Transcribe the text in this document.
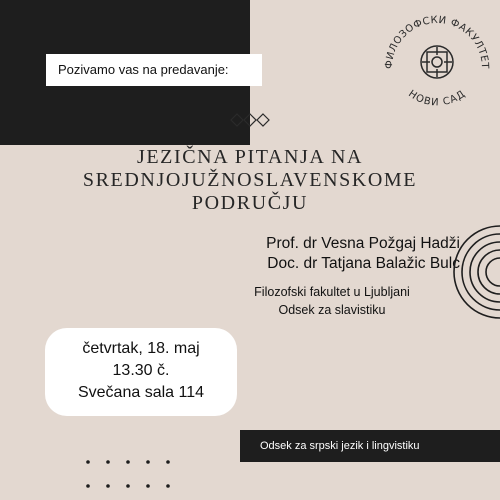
Pozivamo vas na predavanje:	ФИЛОЗОФСКИ ФАКУЛТЕТ
НОВИ САД
JEZIČNA PITANJA NA
SREDNJOJUŽNOSLAVENSKOME
PODRUČJU
Prof. dr Vesna Požgaj Hadži
Doc. dr Tatjana Balažic Bulc
Filozofski fakultet u Ljubljani
Odsek za slavistiku
četvrtak, 18. maj
13.30 č.
Svečana sala 114
Odsek za srpski jezik i lingvistiku
